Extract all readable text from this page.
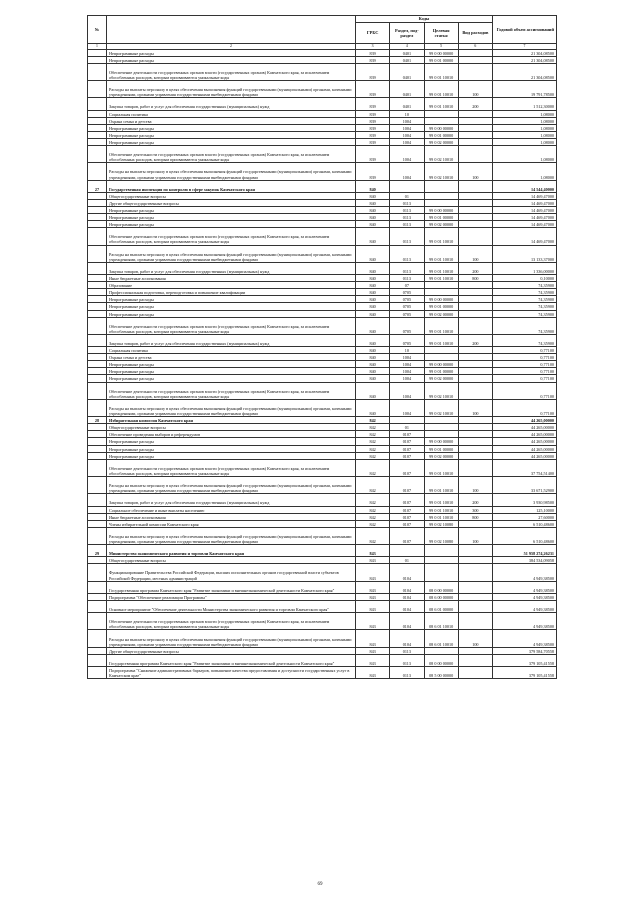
№		Коды				Годовой объем ассигнований
		ГРБС	Раздел, под-раздел	Целевая статья	Вид расходов	
1	2	3	4	5	6	7
	Непрограммные расходы	839	0401	99 0 00 00000		21 304,08500
	Непрограммные расходы	839	0401	99 0 01 00000		21 304,08500
	Обеспечение деятельности государственных органов власти (государственных органов) Камчатского края, за исключением обособленных расходов, которым присваиваются уникальные коды	839	0401	99 0 01 10010		21 304,08500
	Расходы на выплаты персоналу в целях обеспечения выполнения функций государственными (муниципальными) органами, казенными учреждениями, органами управления государственными внебюджетными фондами	839	0401	99 0 01 10010	100	19 791,78500
	Закупка товаров, работ и услуг для обеспечения государственных (муниципальных) нужд	839	0401	99 0 01 10010	200	1 512,30000
	Социальная политика	839	10			1,08000
	Охрана семьи и детства	839	1004			1,08000
	Непрограммные расходы	839	1004	99 0 00 00000		1,08000
	Непрограммные расходы	839	1004	99 0 01 00000		1,08000
	Непрограммные расходы	839	1004	99 0 02 00000		1,08000
	Обеспечение деятельности государственных органов власти (государственных органов) Камчатского края, за исключением обособленных расходов, которым присваиваются уникальные коды	839	1004	99 0 02 10010		1,08000
	Расходы на выплаты персоналу в целях обеспечения выполнения функций государственными (муниципальными) органами, казенными учреждениями, органами управления государственными внебюджетными фондами	839	1004	99 0 02 10010	100	1,08000
27	Государственная инспекция по контролю в сфере закупок Камчатского края	840				14 544,40000
	Общегосударственные вопросы	840	01			14 469,47000
	Другие общегосударственные вопросы	840	0113			14 469,47000
	Непрограммные расходы	840	0113	99 0 00 00000		14 469,47000
	Непрограммные расходы	840	0113	99 0 01 00000		14 469,47000
	Непрограммные расходы	840	0113	99 0 02 00000		14 469,47000
	Обеспечение деятельности государственных органов власти (государственных органов) Камчатского края, за исключением обособленных расходов, которым присваиваются уникальные коды	840	0113	99 0 01 10010		14 469,47000
	Расходы на выплаты персоналу в целях обеспечения выполнения функций государственными (муниципальными) органами, казенными учреждениями, органами управления государственными внебюджетными фондами	840	0113	99 0 01 10010	100	13 133,37000
	Закупка товаров, работ и услуг для обеспечения государственных (муниципальных) нужд	840	0113	99 0 01 10010	200	1 336,00000
	Иные бюджетные ассигнования	840	0113	99 0 01 10010	800	0,10000
	Образование	840	07			74,35900
	Профессиональная подготовка, переподготовка и повышение квалификации	840	0705			74,35900
	Непрограммные расходы	840	0705	99 0 00 00000		74,35900
	Непрограммные расходы	840	0705	99 0 01 00000		74,35900
	Непрограммные расходы	840	0705	99 0 02 00000		74,35900
	Обеспечение деятельности государственных органов власти (государственных органов) Камчатского края, за исключением обособленных расходов, которым присваиваются уникальные коды	840	0705	99 0 01 10010		74,35900
	Закупка товаров, работ и услуг для обеспечения государственных (муниципальных) нужд	840	0705	99 0 01 10010	200	74,35900
	Социальная политика	840	10			0,77100
	Охрана семьи и детства	840	1004			0,77100
	Непрограммные расходы	840	1004	99 0 00 00000		0,77100
	Непрограммные расходы	840	1004	99 0 01 00000		0,77100
	Непрограммные расходы	840	1004	99 0 02 00000		0,77100
	Обеспечение деятельности государственных органов власти (государственных органов) Камчатского края, за исключением обособленных расходов, которым присваиваются уникальные коды	840	1004	99 0 02 10010		0,77100
	Расходы на выплаты персоналу в целях обеспечения выполнения функций государственными (муниципальными) органами, казенными учреждениями, органами управления государственными внебюджетными фондами	840	1004	99 0 02 10010	100	0,77100
28	Избирательная комиссия Камчатского края	842				44 265,00000
	Общегосударственные вопросы	842	01			44 265,00000
	Обеспечение проведения выборов и референдумов	842	0107			44 265,00000
	Непрограммные расходы	842	0107	99 0 00 00000		44 265,00000
	Непрограммные расходы	842	0107	99 0 01 00000		44 265,00000
	Непрограммные расходы	842	0107	99 0 02 00000		44 265,00000
	Обеспечение деятельности государственных органов власти (государственных органов) Камчатского края, за исключением обособленных расходов, которым присваиваются уникальные коды	842	0107	99 0 01 10010		37 754,51400
	Расходы на выплаты персоналу в целях обеспечения выполнения функций государственными (муниципальными) органами, казенными учреждениями, органами управления государственными внебюджетными фондами	842	0107	99 0 01 10010	100	33 671,52900
	Закупка товаров, работ и услуг для обеспечения государственных (муниципальных) нужд	842	0107	99 0 01 10010	200	3 930,98500
	Социальное обеспечение и иные выплаты населению	842	0107	99 0 01 10010	300	125,10000
	Иные бюджетные ассигнования	842	0107	99 0 01 10010	800	27,60000
	Члены избирательной комиссии Камчатского края	842	0107	99 0 02 10080		6 510,48600
	Расходы на выплаты персоналу в целях обеспечения выполнения функций государственными (муниципальными) органами, казенными учреждениями, органами управления государственными внебюджетными фондами	842	0107	99 0 02 10080	100	6 510,48600
29	Министерство экономического развития и торговли Камчатского края	843				51 958 274,26231
	Общегосударственные вопросы	843	01			384 534,09058
	Функционирование Правительства Российской Федерации, высших исполнительных органов государственной власти субъектов Российской Федерации, местных администраций	843	0104			4 949,38500
	Государственная программа Камчатского края "Развитие экономики и внешнеэкономической деятельности Камчатского края"	843	0104	08 0 00 00000		4 949,38500
	Подпрограмма "Обеспечение реализации Программы"	843	0104	08 6 00 00000		4 949,38500
	Основное мероприятие "Обеспечение деятельности Министерства экономического развития и торговли Камчатского края"	843	0104	08 6 01 00000		4 949,38500
	Обеспечение деятельности государственных органов власти (государственных органов) Камчатского края, за исключением обособленных расходов, которым присваиваются уникальные коды	843	0104	08 6 01 10010		4 949,38500
	Расходы на выплаты персоналу в целях обеспечения выполнения функций государственными (муниципальными) органами, казенными учреждениями, органами управления государственными внебюджетными фондами	843	0104	08 6 01 10010	100	4 949,38500
	Другие общегосударственные вопросы	843	0113			379 584,70558
	Государственная программа Камчатского края "Развитие экономики и внешнеэкономической деятельности Камчатского края"	843	0113	08 0 00 00000		379 105,41558
	Подпрограмма "Снижение административных барьеров, повышение качества предоставления и доступности государственных услуг в Камчатском крае"	843	0113	08 5 00 00000		379 105,41558
69
